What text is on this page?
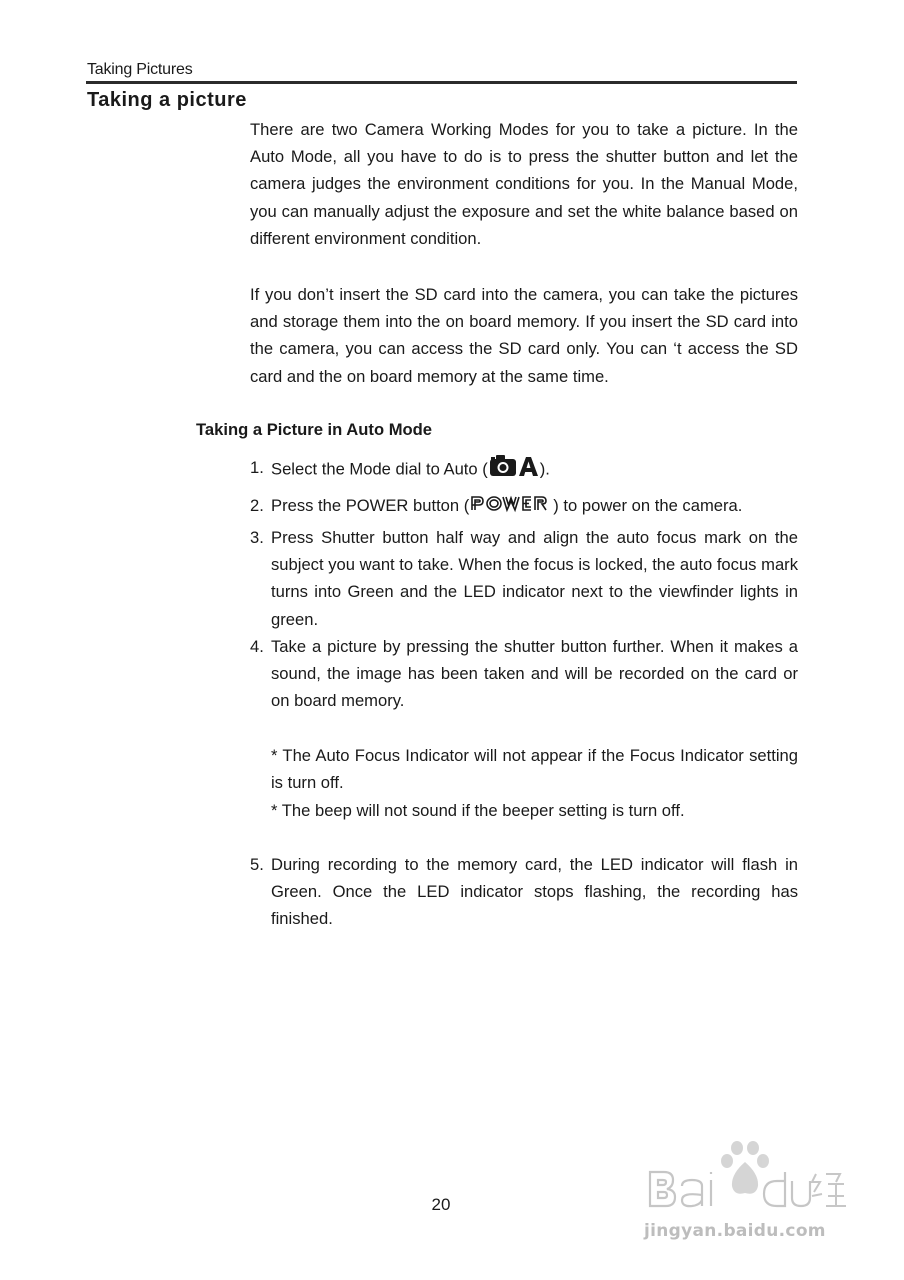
Taking Pictures
Taking a picture

There are two Camera Working Modes for you to take a picture. In the Auto Mode, all you have to do is to press the shutter button and let the camera judges the environment conditions for you. In the Manual Mode, you can manually adjust the exposure and set the white balance based on different environment condition.

If you don’t insert the SD card into the camera, you can take the pictures and storage them into the on board memory. If you insert the SD card into the camera, you can access the SD card only. You can ‘t access the SD card and the on board memory at the same time.

Taking a Picture in Auto Mode
1. Select the Mode dial to Auto (	).
2. Press the POWER button (	) to power on the camera.
3. Press Shutter button half way and align the auto focus mark on the subject you want to take. When the focus is locked, the auto focus mark turns into Green and the LED indicator next to the viewfinder lights in green.
4. Take a picture by pressing the shutter button further. When it makes a sound, the image has been taken and will be recorded on the card or on board memory.
* The Auto Focus Indicator will not appear if the Focus Indicator setting is turn off.
* The beep will not sound if the beeper setting is turn off.
5. During recording to the memory card, the LED indicator will flash in Green. Once the LED indicator stops flashing, the recording has finished.
20
jingyan.baidu.com
